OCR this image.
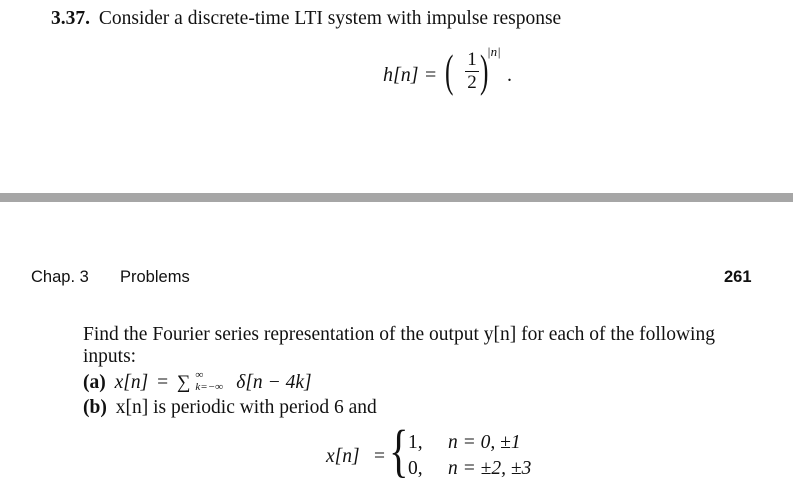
3.37. Consider a discrete-time LTI system with impulse response
h[n] = ( 1
2 )
|n|
.
Chap. 3 Problems	261
Find the Fourier series representation of the output y[n] for each of the following
inputs:
(a) x[n] = ∑ ∞
k=−∞ δ[n − 4k]
(b) x[n] is periodic with period 6 and
x[n] = { 1, n = 0, ±1
0, n = ±2, ±3
